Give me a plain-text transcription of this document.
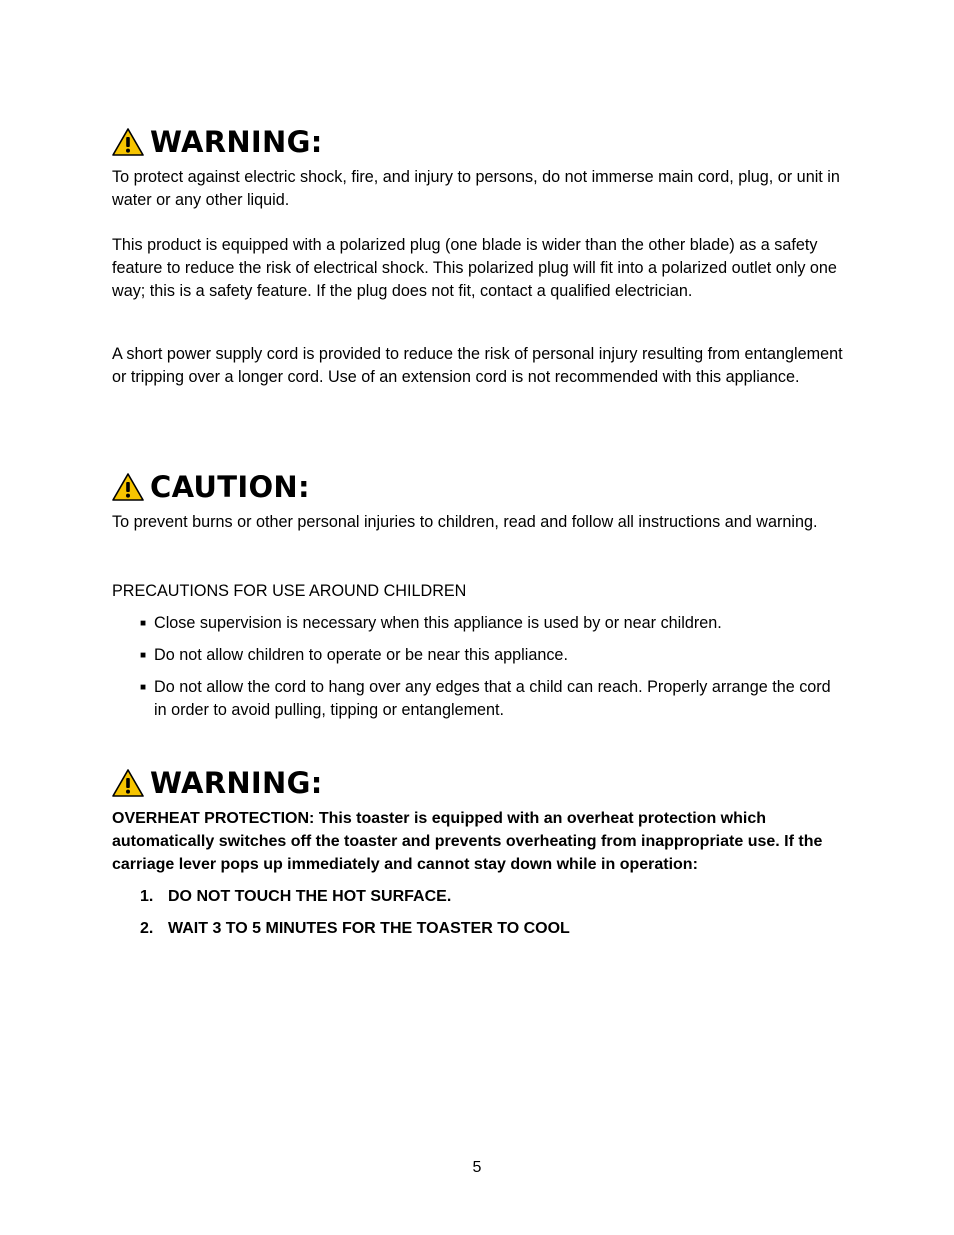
WARNING:

To protect against electric shock, fire, and injury to persons, do not immerse main cord, plug, or unit in water or any other liquid.

This product is equipped with a polarized plug (one blade is wider than the other blade) as a safety feature to reduce the risk of electrical shock. This polarized plug will fit into a polarized outlet only one way; this is a safety feature. If the plug does not fit, contact a qualified electrician.

A short power supply cord is provided to reduce the risk of personal injury resulting from entanglement or tripping over a longer cord. Use of an extension cord is not recommended with this appliance.

CAUTION:

To prevent burns or other personal injuries to children, read and follow all instructions and warning.

PRECAUTIONS FOR USE AROUND CHILDREN

■ Close supervision is necessary when this appliance is used by or near children.
■ Do not allow children to operate or be near this appliance.
■ Do not allow the cord to hang over any edges that a child can reach. Properly arrange the cord in order to avoid pulling, tipping or entanglement.
WARNING:

OVERHEAT PROTECTION: This toaster is equipped with an overheat protection which automatically switches off the toaster and prevents overheating from inappropriate use. If the carriage lever pops up immediately and cannot stay down while in operation:

1. DO NOT TOUCH THE HOT SURFACE.
2. WAIT 3 TO 5 MINUTES FOR THE TOASTER TO COOL
5
